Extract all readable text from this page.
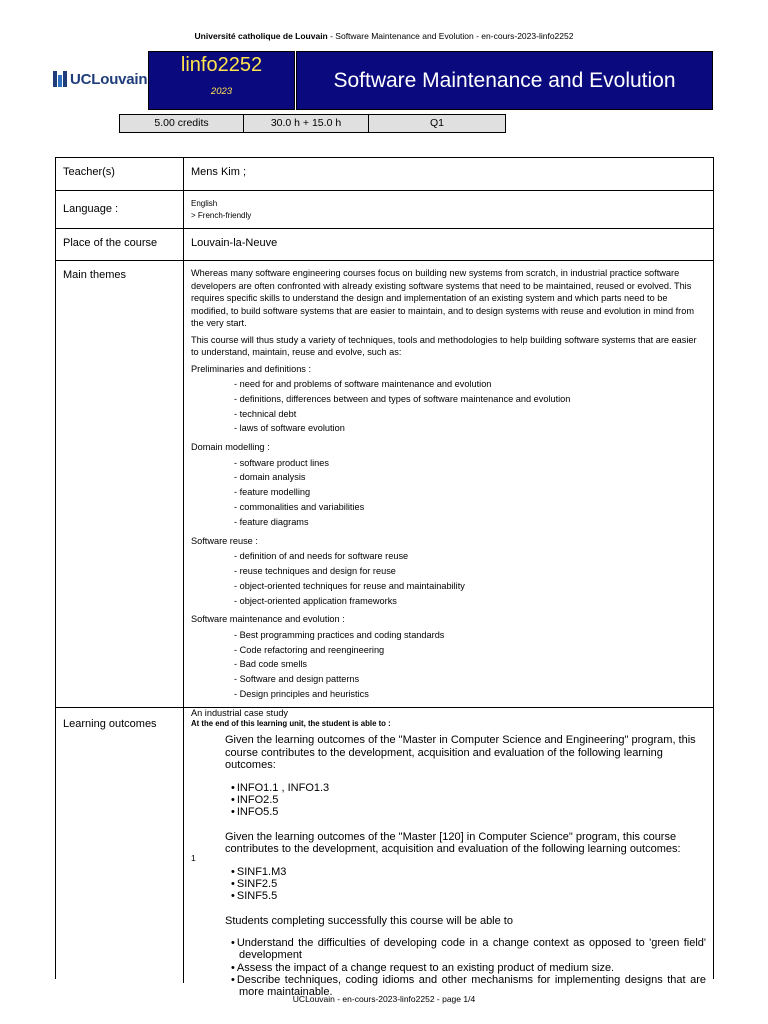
Université catholique de Louvain - Software Maintenance and Evolution - en-cours-2023-linfo2252
UCLouvain
linfo2252
2023	Software Maintenance and Evolution
5.00 credits	30.0 h + 15.0 h	Q1
Teacher(s)	Mens Kim ;
Language :	English
> French-friendly
Place of the course	Louvain-la-Neuve
Main themes	Whereas many software engineering courses focus on building new systems from scratch, in industrial practice software developers are often confronted with already existing software systems that need to be maintained, reused or evolved. This requires specific skills to understand the design and implementation of an existing system and which parts need to be modified, to build software systems that are easier to maintain, and to design systems with reuse and evolution in mind from the very start.

This course will thus study a variety of techniques, tools and methodologies to help building software systems that are easier to understand, maintain, reuse and evolve, such as:

Preliminaries and definitions :

- need for and problems of software maintenance and evolution
- definitions, differences between and types of software maintenance and evolution
- technical debt
- laws of software evolution

Domain modelling :

- software product lines
- domain analysis
- feature modelling
- commonalities and variabilities
- feature diagrams

Software reuse :

- definition of and needs for software reuse
- reuse techniques and design for reuse
- object-oriented techniques for reuse and maintainability
- object-oriented application frameworks

Software maintenance and evolution :

- Best programming practices and coding standards
- Code refactoring and reengineering
- Bad code smells
- Software and design patterns
- Design principles and heuristics

An industrial case study

Learning outcomes	At the end of this learning unit, the student is able to :
1

Given the learning outcomes of the "Master in Computer Science and Engineering" program, this course contributes to the development, acquisition and evaluation of the following learning outcomes:

• INFO1.1 , INFO1.3
• INFO2.5
• INFO5.5

Given the learning outcomes of the "Master [120] in Computer Science" program, this course contributes to the development, acquisition and evaluation of the following learning outcomes:

• SINF1.M3
• SINF2.5
• SINF5.5

Students completing successfully this course will be able to

• Understand the difficulties of developing code in a change context as opposed to 'green field' development
• Assess the impact of a change request to an existing product of medium size.
• Describe techniques, coding idioms and other mechanisms for implementing designs that are more maintainable.
UCLouvain - en-cours-2023-linfo2252 - page 1/4
